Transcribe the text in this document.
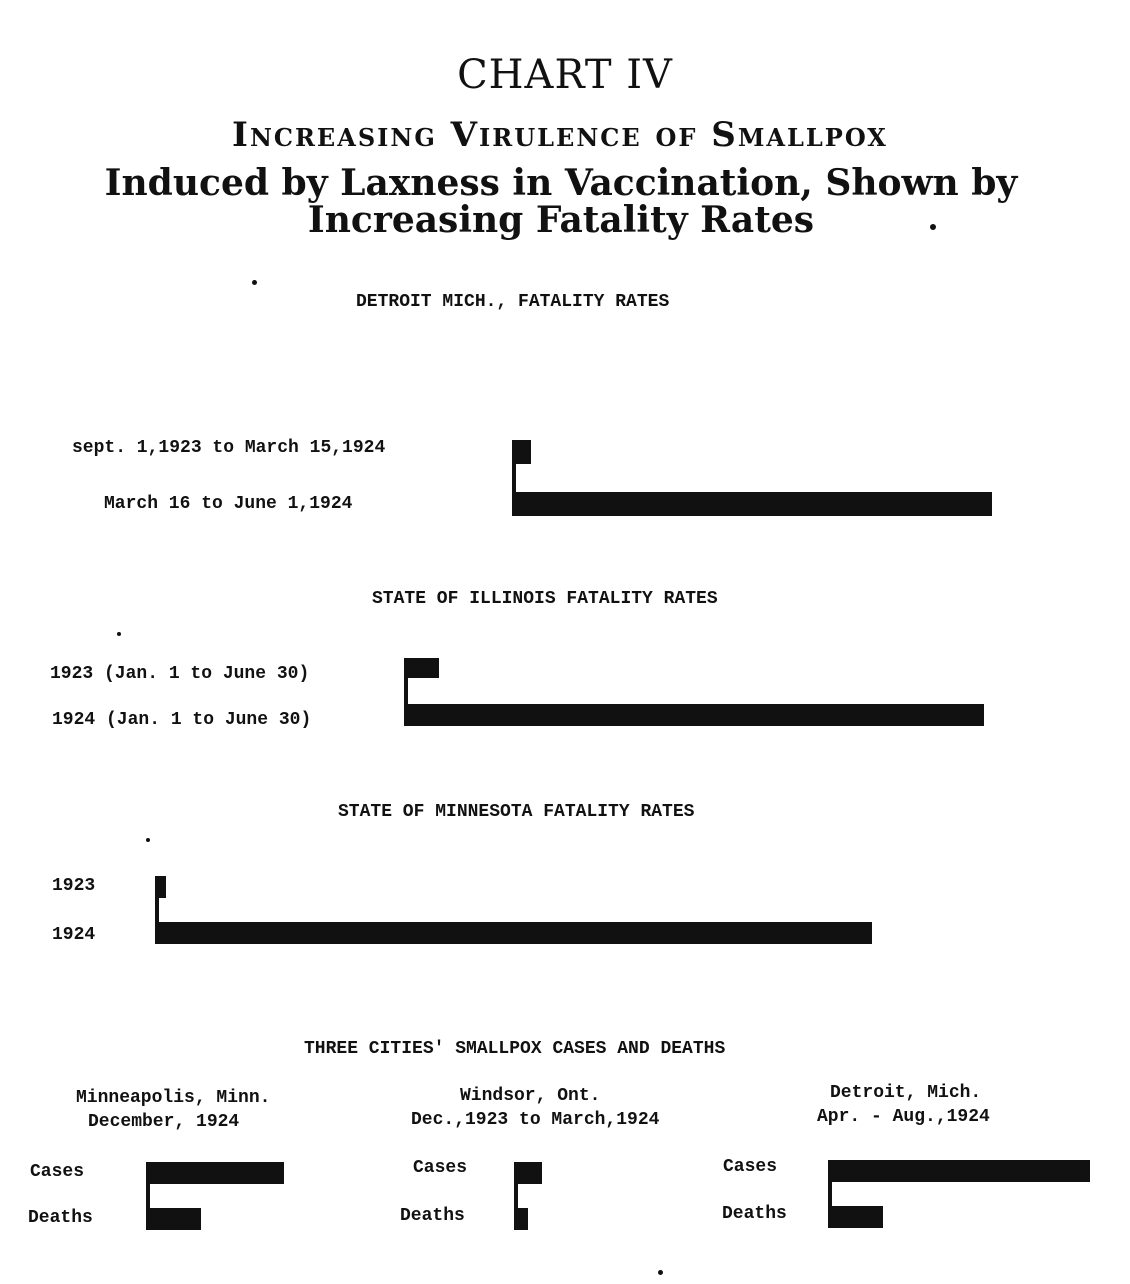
CHART IV
Increasing Virulence of Smallpox
Induced by Laxness in Vaccination, Shown by Increasing Fatality Rates
DETROIT MICH., FATALITY RATES
sept. 1,1923 to March 15,1924
March 16 to June 1,1924
STATE OF ILLINOIS FATALITY RATES
1923 (Jan. 1 to June 30)
1924 (Jan. 1 to June 30)
STATE OF MINNESOTA FATALITY RATES
1923
1924
THREE CITIES' SMALLPOX CASES AND DEATHS
Minneapolis, Minn.
December, 1924
Cases
Deaths
Windsor, Ont.
Dec.,1923 to March,1924
Cases
Deaths
Detroit, Mich.
Apr. - Aug.,1924
Cases
Deaths
